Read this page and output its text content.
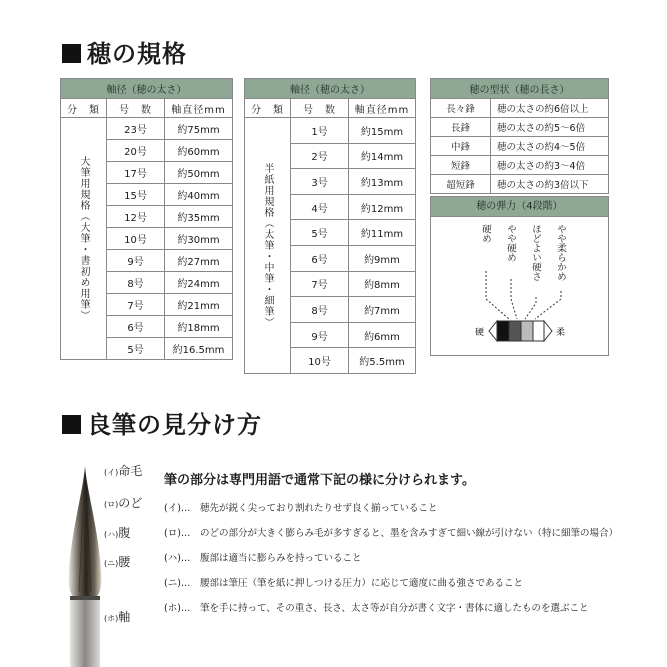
穂の規格
軸径（穂の太さ）		
分　類	号　数	軸直径mm

大筆用規格（大筆・書初め用筆）	23号	約75mm
	20号	約60mm
	17号	約50mm
	15号	約40mm
	12号	約35mm
	10号	約30mm
	9号	約27mm
	8号	約24mm
	7号	約21mm
	6号	約18mm
	5号	約16.5mm
軸径（穂の太さ）		
分　類	号　数	軸直径mm

半紙用規格（太筆・中筆・細筆）	1号	約15mm
	2号	約14mm
	3号	約13mm
	4号	約12mm
	5号	約11mm
	6号	約9mm
	7号	約8mm
	8号	約7mm
	9号	約6mm
	10号	約5.5mm
穂の型状（穂の長さ）	
長々鋒	穂の太さの約6倍以上
長鋒	穂の太さの約5～6倍
中鋒	穂の太さの約4～5倍
短鋒	穂の太さの約3～4倍
超短鋒	穂の太さの約3倍以下
穂の弾力（4段階）
硬め やや硬め ほどよい硬さ やや柔らかめ
硬	柔
良筆の見分け方
(イ)命毛
(ロ)のど
(ハ)腹
(ニ)腰
(ホ)軸
筆の部分は専門用語で通常下記の様に分けられます。
(イ)… 穂先が鋭く尖っており割れたりせず良く揃っていること
(ロ)… のどの部分が大きく膨らみ毛が多すぎると、墨を含みすぎて細い線が引けない（特に細筆の場合）
(ハ)… 腹部は適当に膨らみを持っていること
(ニ)… 腰部は筆圧（筆を紙に押しつける圧力）に応じて適度に曲る強さであること
(ホ)… 筆を手に持って、その重さ、長さ、太さ等が自分が書く文字・書体に適したものを選ぶこと
